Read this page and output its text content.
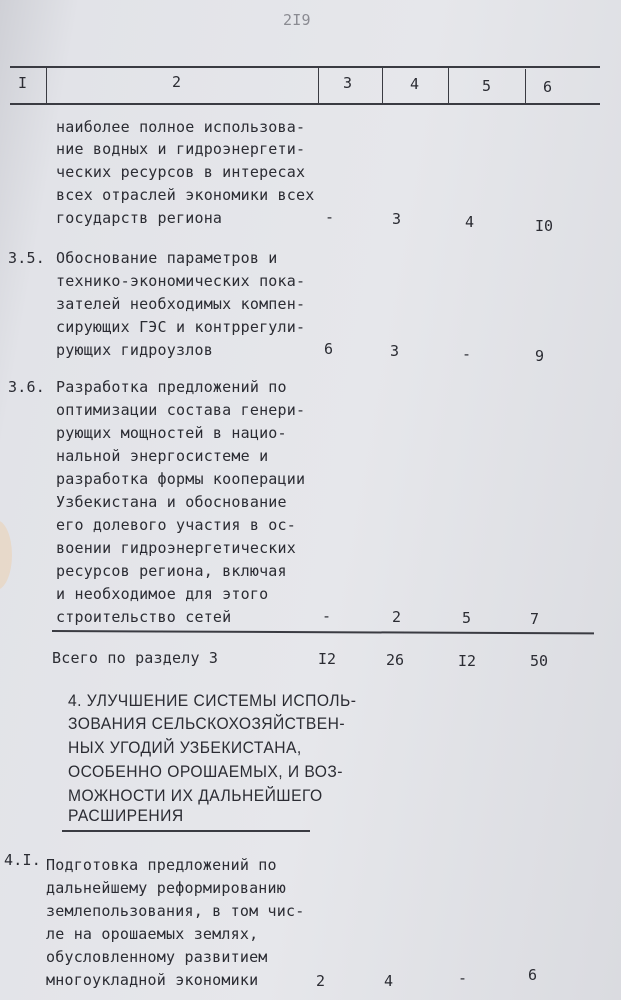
2I9
I	2	3	4	5	6
наиболее полное использова-
ние водных и гидроэнергети-
ческих ресурсов в интересах
всех отраслей экономики всех
государств региона	-	3	4	I0
3.5. Обоснование параметров и
технико-экономических пока-
зателей необходимых компен-
сирующих ГЭС и контррегули-
рующих гидроузлов	6	3	-	9
3.6. Разработка предложений по
оптимизации состава генери-
рующих мощностей в нацио-
нальной энергосистеме и
разработка формы кооперации
Узбекистана и обоснование
его долевого участия в ос-
воении гидроэнергетических
ресурсов региона, включая
и необходимое для этого
строительство сетей	-	2	5	7
Всего по разделу 3	I2	26	I2	50
4. УЛУЧШЕНИЕ СИСТЕМЫ ИСПОЛЬ-
ЗОВАНИЯ СЕЛЬСКОХОЗЯЙСТВЕН-
НЫХ УГОДИЙ УЗБЕКИСТАНА,
ОСОБЕННО ОРОШАЕМЫХ, И ВОЗ-
МОЖНОСТИ ИХ ДАЛЬНЕЙШЕГО
РАСШИРЕНИЯ
4.I. Подготовка предложений по
дальнейшему реформированию
землепользования, в том чис-
ле на орошаемых землях,
обусловленному развитием
многоукладной экономики	2	4	-	6
